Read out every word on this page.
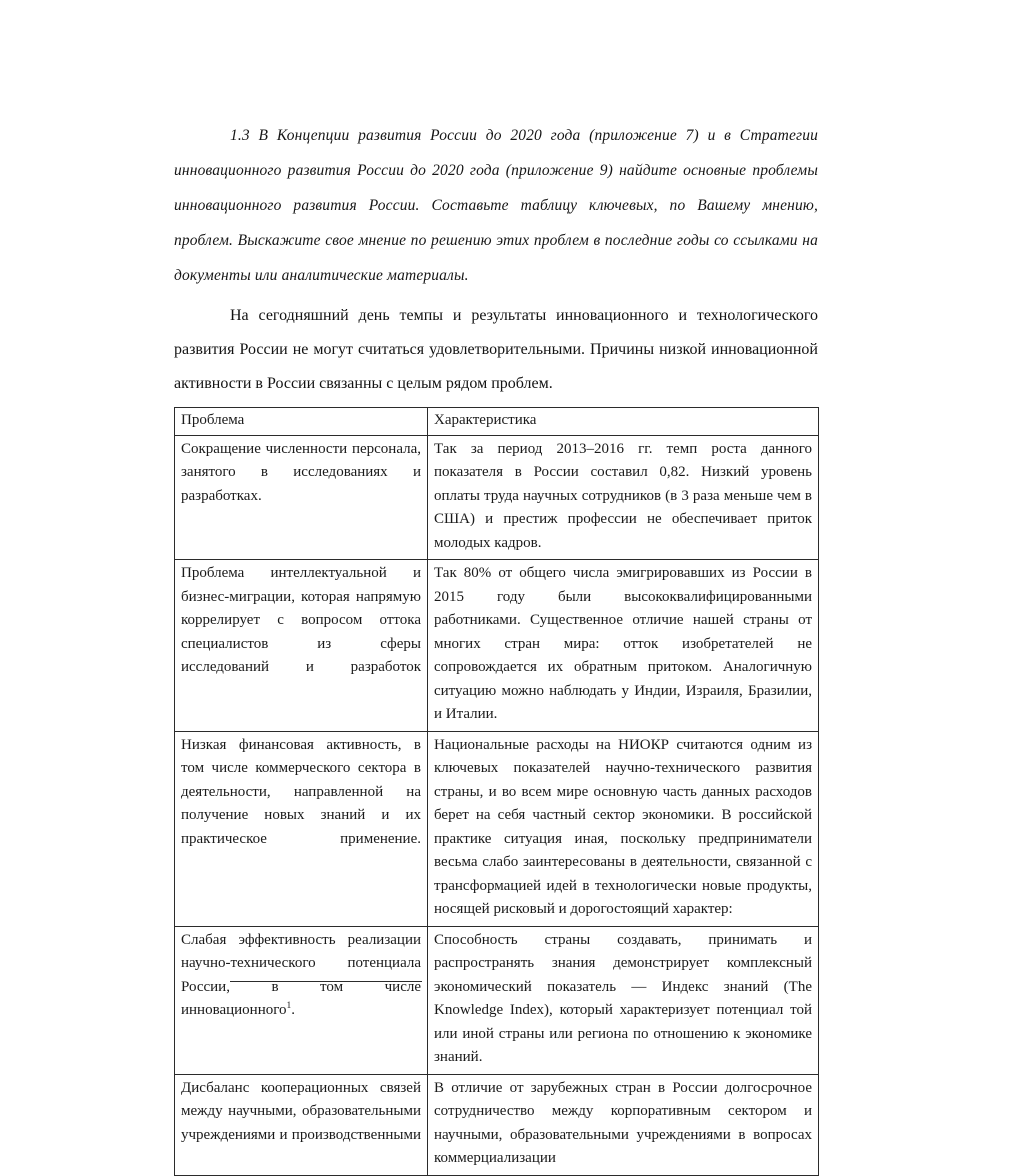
1.3 В Концепции развития России до 2020 года (приложение 7) и в Стратегии инновационного развития России до 2020 года (приложение 9) найдите основные проблемы инновационного развития России. Составьте таблицу ключевых, по Вашему мнению, проблем. Выскажите свое мнение по решению этих проблем в последние годы со ссылками на документы или аналитические материалы.

На сегодняшний день темпы и результаты инновационного и технологического развития России не могут считаться удовлетворительными. Причины низкой инновационной активности в России связанны с целым рядом проблем.

Проблема	Характеристика
Сокращение численности персонала, занятого в исследованиях и разработках.	Так за период 2013–2016 гг. темп роста данного показателя в России составил 0,82. Низкий уровень оплаты труда научных сотрудников (в 3 раза меньше чем в США) и престиж профессии не обеспечивает приток молодых кадров.
Проблема интеллектуальной и бизнес-миграции, которая напрямую коррелирует с вопросом оттока специалистов из сферы исследований и разработок	Так 80% от общего числа эмигрировавших из России в 2015 году были высококвалифицированными работниками. Существенное отличие нашей страны от многих стран мира: отток изобретателей не сопровождается их обратным притоком. Аналогичную ситуацию можно наблюдать у Индии, Израиля, Бразилии, и Италии.
Низкая финансовая активность, в том числе коммерческого сектора в деятельности, направленной на получение новых знаний и их практическое применение.	Национальные расходы на НИОКР считаются одним из ключевых показателей научно-технического развития страны, и во всем мире основную часть данных расходов берет на себя частный сектор экономики. В российской практике ситуация иная, поскольку предприниматели весьма слабо заинтересованы в деятельности, связанной с трансформацией идей в технологически новые продукты, носящей рисковый и дорогостоящий характер:
Слабая эффективность реализации научно-технического потенциала России, в том числе инновационного$^1$.	Способность страны создавать, принимать и распространять знания демонстрирует комплексный экономический показатель — Индекс знаний (The Knowledge Index), который характеризует потенциал той или иной страны или региона по отношению к экономике знаний.
Дисбаланс кооперационных связей между научными, образовательными учреждениями и производственными	В отличие от зарубежных стран в России долгосрочное сотрудничество между корпоративным сектором и научными, образовательными учреждениями в вопросах коммерциализации
